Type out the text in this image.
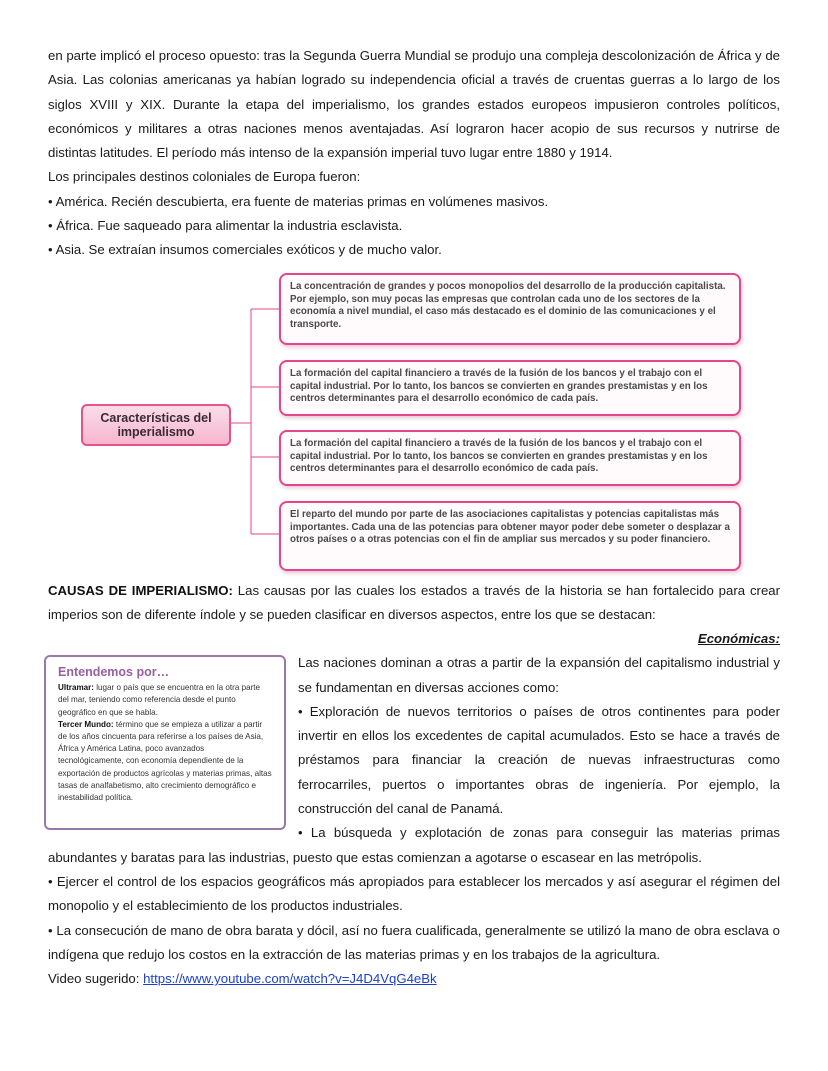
en parte implicó el proceso opuesto: tras la Segunda Guerra Mundial se produjo una compleja descolonización de África y de Asia. Las colonias americanas ya habían logrado su independencia oficial a través de cruentas guerras a lo largo de los siglos XVIII y XIX. Durante la etapa del imperialismo, los grandes estados europeos impusieron controles políticos, económicos y militares a otras naciones menos aventajadas. Así lograron hacer acopio de sus recursos y nutrirse de distintas latitudes. El período más intenso de la expansión imperial tuvo lugar entre 1880 y 1914.

Los principales destinos coloniales de Europa fueron:

• América. Recién descubierta, era fuente de materias primas en volúmenes masivos.

• África. Fue saqueado para alimentar la industria esclavista.

• Asia. Se extraían insumos comerciales exóticos y de mucho valor.

Características del imperialismo
La concentración de grandes y pocos monopolios del desarrollo de la producción capitalista. Por ejemplo, son muy pocas las empresas que controlan cada uno de los sectores de la economía a nivel mundial, el caso más destacado es el dominio de las comunicaciones y el transporte.
La formación del capital financiero a través de la fusión de los bancos y el trabajo con el capital industrial. Por lo tanto, los bancos se convierten en grandes prestamistas y en los centros determinantes para el desarrollo económico de cada país.
La formación del capital financiero a través de la fusión de los bancos y el trabajo con el capital industrial. Por lo tanto, los bancos se convierten en grandes prestamistas y en los centros determinantes para el desarrollo económico de cada país.
El reparto del mundo por parte de las asociaciones capitalistas y potencias capitalistas más importantes. Cada una de las potencias para obtener mayor poder debe someter o desplazar a otros países o a otras potencias con el fin de ampliar sus mercados y su poder financiero.

CAUSAS DE IMPERIALISMO: Las causas por las cuales los estados a través de la historia se han fortalecido para crear imperios son de diferente índole y se pueden clasificar en diversos aspectos, entre los que se destacan:

Económicas:

Entendemos por…

Ultramar: lugar o país que se encuentra en la otra parte del mar, teniendo como referencia desde el punto geográfico en que se habla.
Tercer Mundo: término que se empieza a utilizar a partir de los años cincuenta para referirse a los países de Asia, África y América Latina, poco avanzados tecnológicamente, con economía dependiente de la exportación de productos agrícolas y materias primas, altas tasas de analfabetismo, alto crecimiento demográfico e inestabilidad política.

Las naciones dominan a otras a partir de la expansión del capitalismo industrial y se fundamentan en diversas acciones como:

• Exploración de nuevos territorios o países de otros continentes para poder invertir en ellos los excedentes de capital acumulados. Esto se hace a través de préstamos para financiar la creación de nuevas infraestructuras como ferrocarriles, puertos o importantes obras de ingeniería. Por ejemplo, la construcción del canal de Panamá.

• La búsqueda y explotación de zonas para conseguir las materias primas abundantes y baratas para las industrias, puesto que estas comienzan a agotarse o escasear en las metrópolis.

• Ejercer el control de los espacios geográficos más apropiados para establecer los mercados y así asegurar el régimen del monopolio y el establecimiento de los productos industriales.

• La consecución de mano de obra barata y dócil, así no fuera cualificada, generalmente se utilizó la mano de obra esclava o indígena que redujo los costos en la extracción de las materias primas y en los trabajos de la agricultura.

Video sugerido: https://www.youtube.com/watch?v=J4D4VqG4eBk
